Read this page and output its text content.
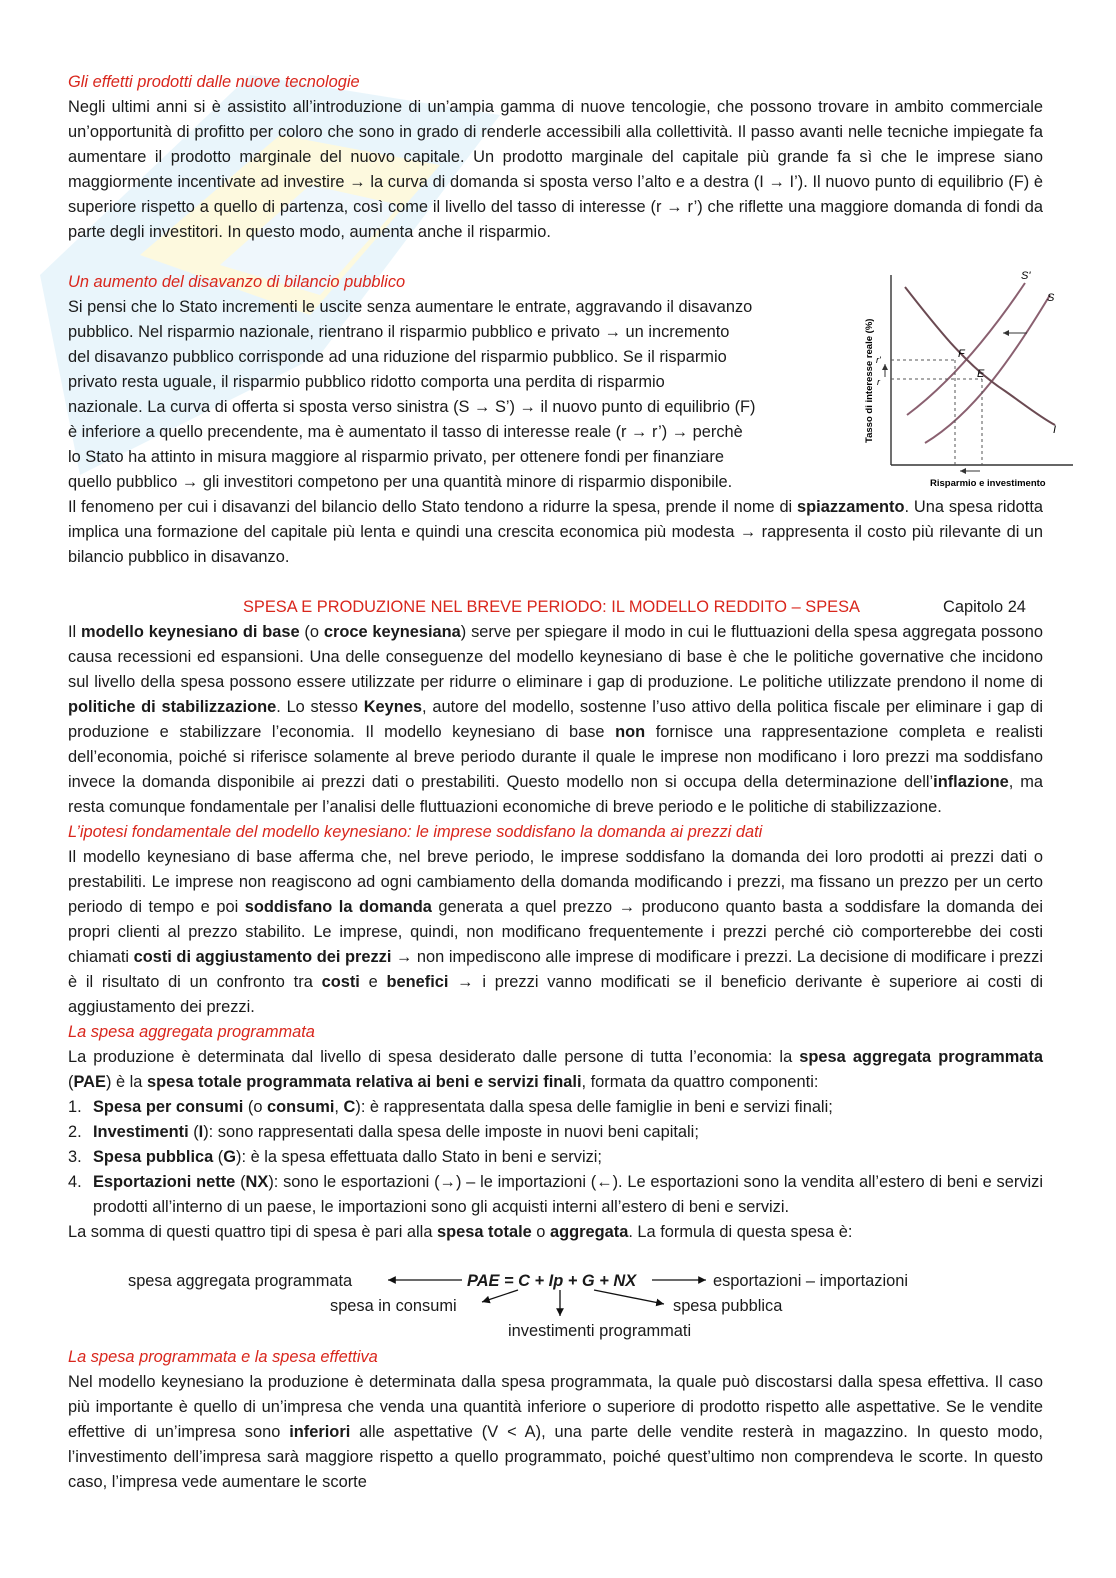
Gli effetti prodotti dalle nuove tecnologie

Negli ultimi anni si è assistito all’introduzione di un’ampia gamma di nuove tencologie, che possono trovare in ambito commerciale un’opportunità di profitto per coloro che sono in grado di renderle accessibili alla collettività. Il passo avanti nelle tecniche impiegate fa aumentare il prodotto marginale del nuovo capitale. Un prodotto marginale del capitale più grande fa sì che le imprese siano maggiormente incentivate ad investire → la curva di domanda si sposta verso l’alto e a destra (I → I’). Il nuovo punto di equilibrio (F) è superiore rispetto a quello di partenza, così come il livello del tasso di interesse (r → r’) che riflette una maggiore domanda di fondi da parte degli investitori. In questo modo, aumenta anche il risparmio.

Un aumento del disavanzo di bilancio pubblico

Si pensi che lo Stato incrementi le uscite senza aumentare le entrate, aggravando il disavanzo

pubblico. Nel risparmio nazionale, rientrano il risparmio pubblico e privato → un incremento

del disavanzo pubblico corrisponde ad una riduzione del risparmio pubblico. Se il risparmio

privato resta uguale, il risparmio pubblico ridotto comporta una perdita di risparmio

nazionale. La curva di offerta si sposta verso sinistra (S → S’) → il nuovo punto di equilibrio (F)

è inferiore a quello precendente, ma è aumentato il tasso di interesse reale (r → r’) → perchè

lo Stato ha attinto in misura maggiore al risparmio privato, per ottenere fondi per finanziare

quello pubblico → gli investitori competono per una quantità minore di risparmio disponibile.

Il fenomeno per cui i disavanzi del bilancio dello Stato tendono a ridurre la spesa, prende il nome di spiazzamento. Una spesa ridotta implica una formazione del capitale più lenta e quindi una crescita economica più modesta → rappresenta il costo più rilevante di un bilancio pubblico in disavanzo.

S'
S
I
F
E
r'
r
Tasso di interesse reale (%)
Risparmio e investimento
SPESA E PRODUZIONE NEL BREVE PERIODO: IL MODELLO REDDITO – SPESA	Capitolo 24

Il modello keynesiano di base (o croce keynesiana) serve per spiegare il modo in cui le fluttuazioni della spesa aggregata possono causa recessioni ed espansioni. Una delle conseguenze del modello keynesiano di base è che le politiche governative che incidono sul livello della spesa possono essere utilizzate per ridurre o eliminare i gap di produzione. Le politiche utilizzate prendono il nome di politiche di stabilizzazione. Lo stesso Keynes, autore del modello, sostenne l’uso attivo della politica fiscale per eliminare i gap di produzione e stabilizzare l’economia. Il modello keynesiano di base non fornisce una rappresentazione completa e realisti dell’economia, poiché si riferisce solamente al breve periodo durante il quale le imprese non modificano i loro prezzi ma soddisfano invece la domanda disponibile ai prezzi dati o prestabiliti. Questo modello non si occupa della determinazione dell’inflazione, ma resta comunque fondamentale per l’analisi delle fluttuazioni economiche di breve periodo e le politiche di stabilizzazione.

L’ipotesi fondamentale del modello keynesiano: le imprese soddisfano la domanda ai prezzi dati

Il modello keynesiano di base afferma che, nel breve periodo, le imprese soddisfano la domanda dei loro prodotti ai prezzi dati o prestabiliti. Le imprese non reagiscono ad ogni cambiamento della domanda modificando i prezzi, ma fissano un prezzo per un certo periodo di tempo e poi soddisfano la domanda generata a quel prezzo → producono quanto basta a soddisfare la domanda dei propri clienti al prezzo stabilito. Le imprese, quindi, non modificano frequentemente i prezzi perché ciò comporterebbe dei costi chiamati costi di aggiustamento dei prezzi → non impediscono alle imprese di modificare i prezzi. La decisione di modificare i prezzi è il risultato di un confronto tra costi e benefici → i prezzi vanno modificati se il beneficio derivante è superiore ai costi di aggiustamento dei prezzi.

La spesa aggregata programmata

La produzione è determinata dal livello di spesa desiderato dalle persone di tutta l’economia: la spesa aggregata programmata (PAE) è la spesa totale programmata relativa ai beni e servizi finali, formata da quattro componenti:

1. Spesa per consumi (o consumi, C): è rappresentata dalla spesa delle famiglie in beni e servizi finali;
2. Investimenti (I): sono rappresentati dalla spesa delle imposte in nuovi beni capitali;
3. Spesa pubblica (G): è la spesa effettuata dallo Stato in beni e servizi;
4. Esportazioni nette (NX): sono le esportazioni (→) – le importazioni (←). Le esportazioni sono la vendita all’estero di beni e servizi prodotti all’interno di un paese, le importazioni sono gli acquisti interni all’estero di beni e servizi.

La somma di questi quattro tipi di spesa è pari alla spesa totale o aggregata. La formula di questa spesa è:

spesa aggregata programmata	PAE = C + Ip + G + NX	esportazioni – importazioni
spesa in consumi	spesa pubblica
investimenti programmati
La spesa programmata e la spesa effettiva

Nel modello keynesiano la produzione è determinata dalla spesa programmata, la quale può discostarsi dalla spesa effettiva. Il caso più importante è quello di un’impresa che venda una quantità inferiore o superiore di prodotto rispetto alle aspettative. Se le vendite effettive di un’impresa sono inferiori alle aspettative (V < A), una parte delle vendite resterà in magazzino. In questo modo, l’investimento dell’impresa sarà maggiore rispetto a quello programmato, poiché quest’ultimo non comprendeva le scorte. In questo caso, l’impresa vede aumentare le scorte
